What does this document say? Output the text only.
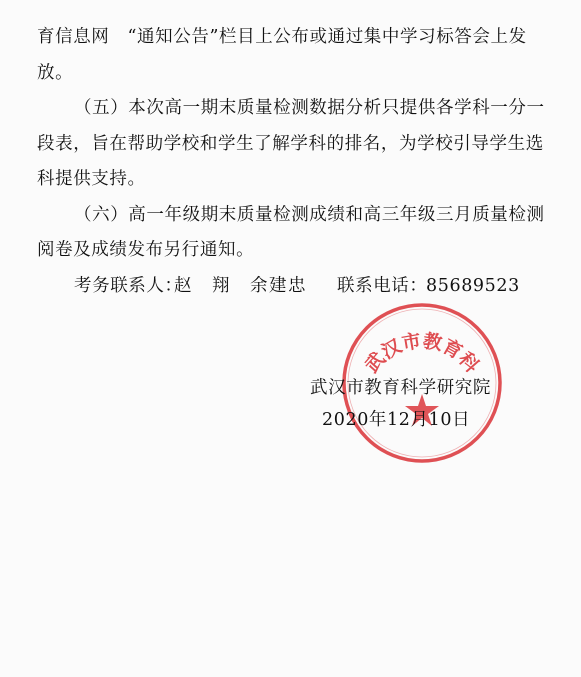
育信息网　“通知公告”栏目上公布或通过集中学习标答会上发
放。
（五）本次高一期末质量检测数据分析只提供各学科一分一
段表，旨在帮助学校和学生了解学科的排名，为学校引导学生选
科提供支持。
（六）高一年级期末质量检测成绩和高三年级三月质量检测
阅卷及成绩发布另行通知。
考务联系人：
赵　翔　余建忠 联系电话：
85689523
武汉市教育科
武汉市教育科学研究院
2020年12月10日
